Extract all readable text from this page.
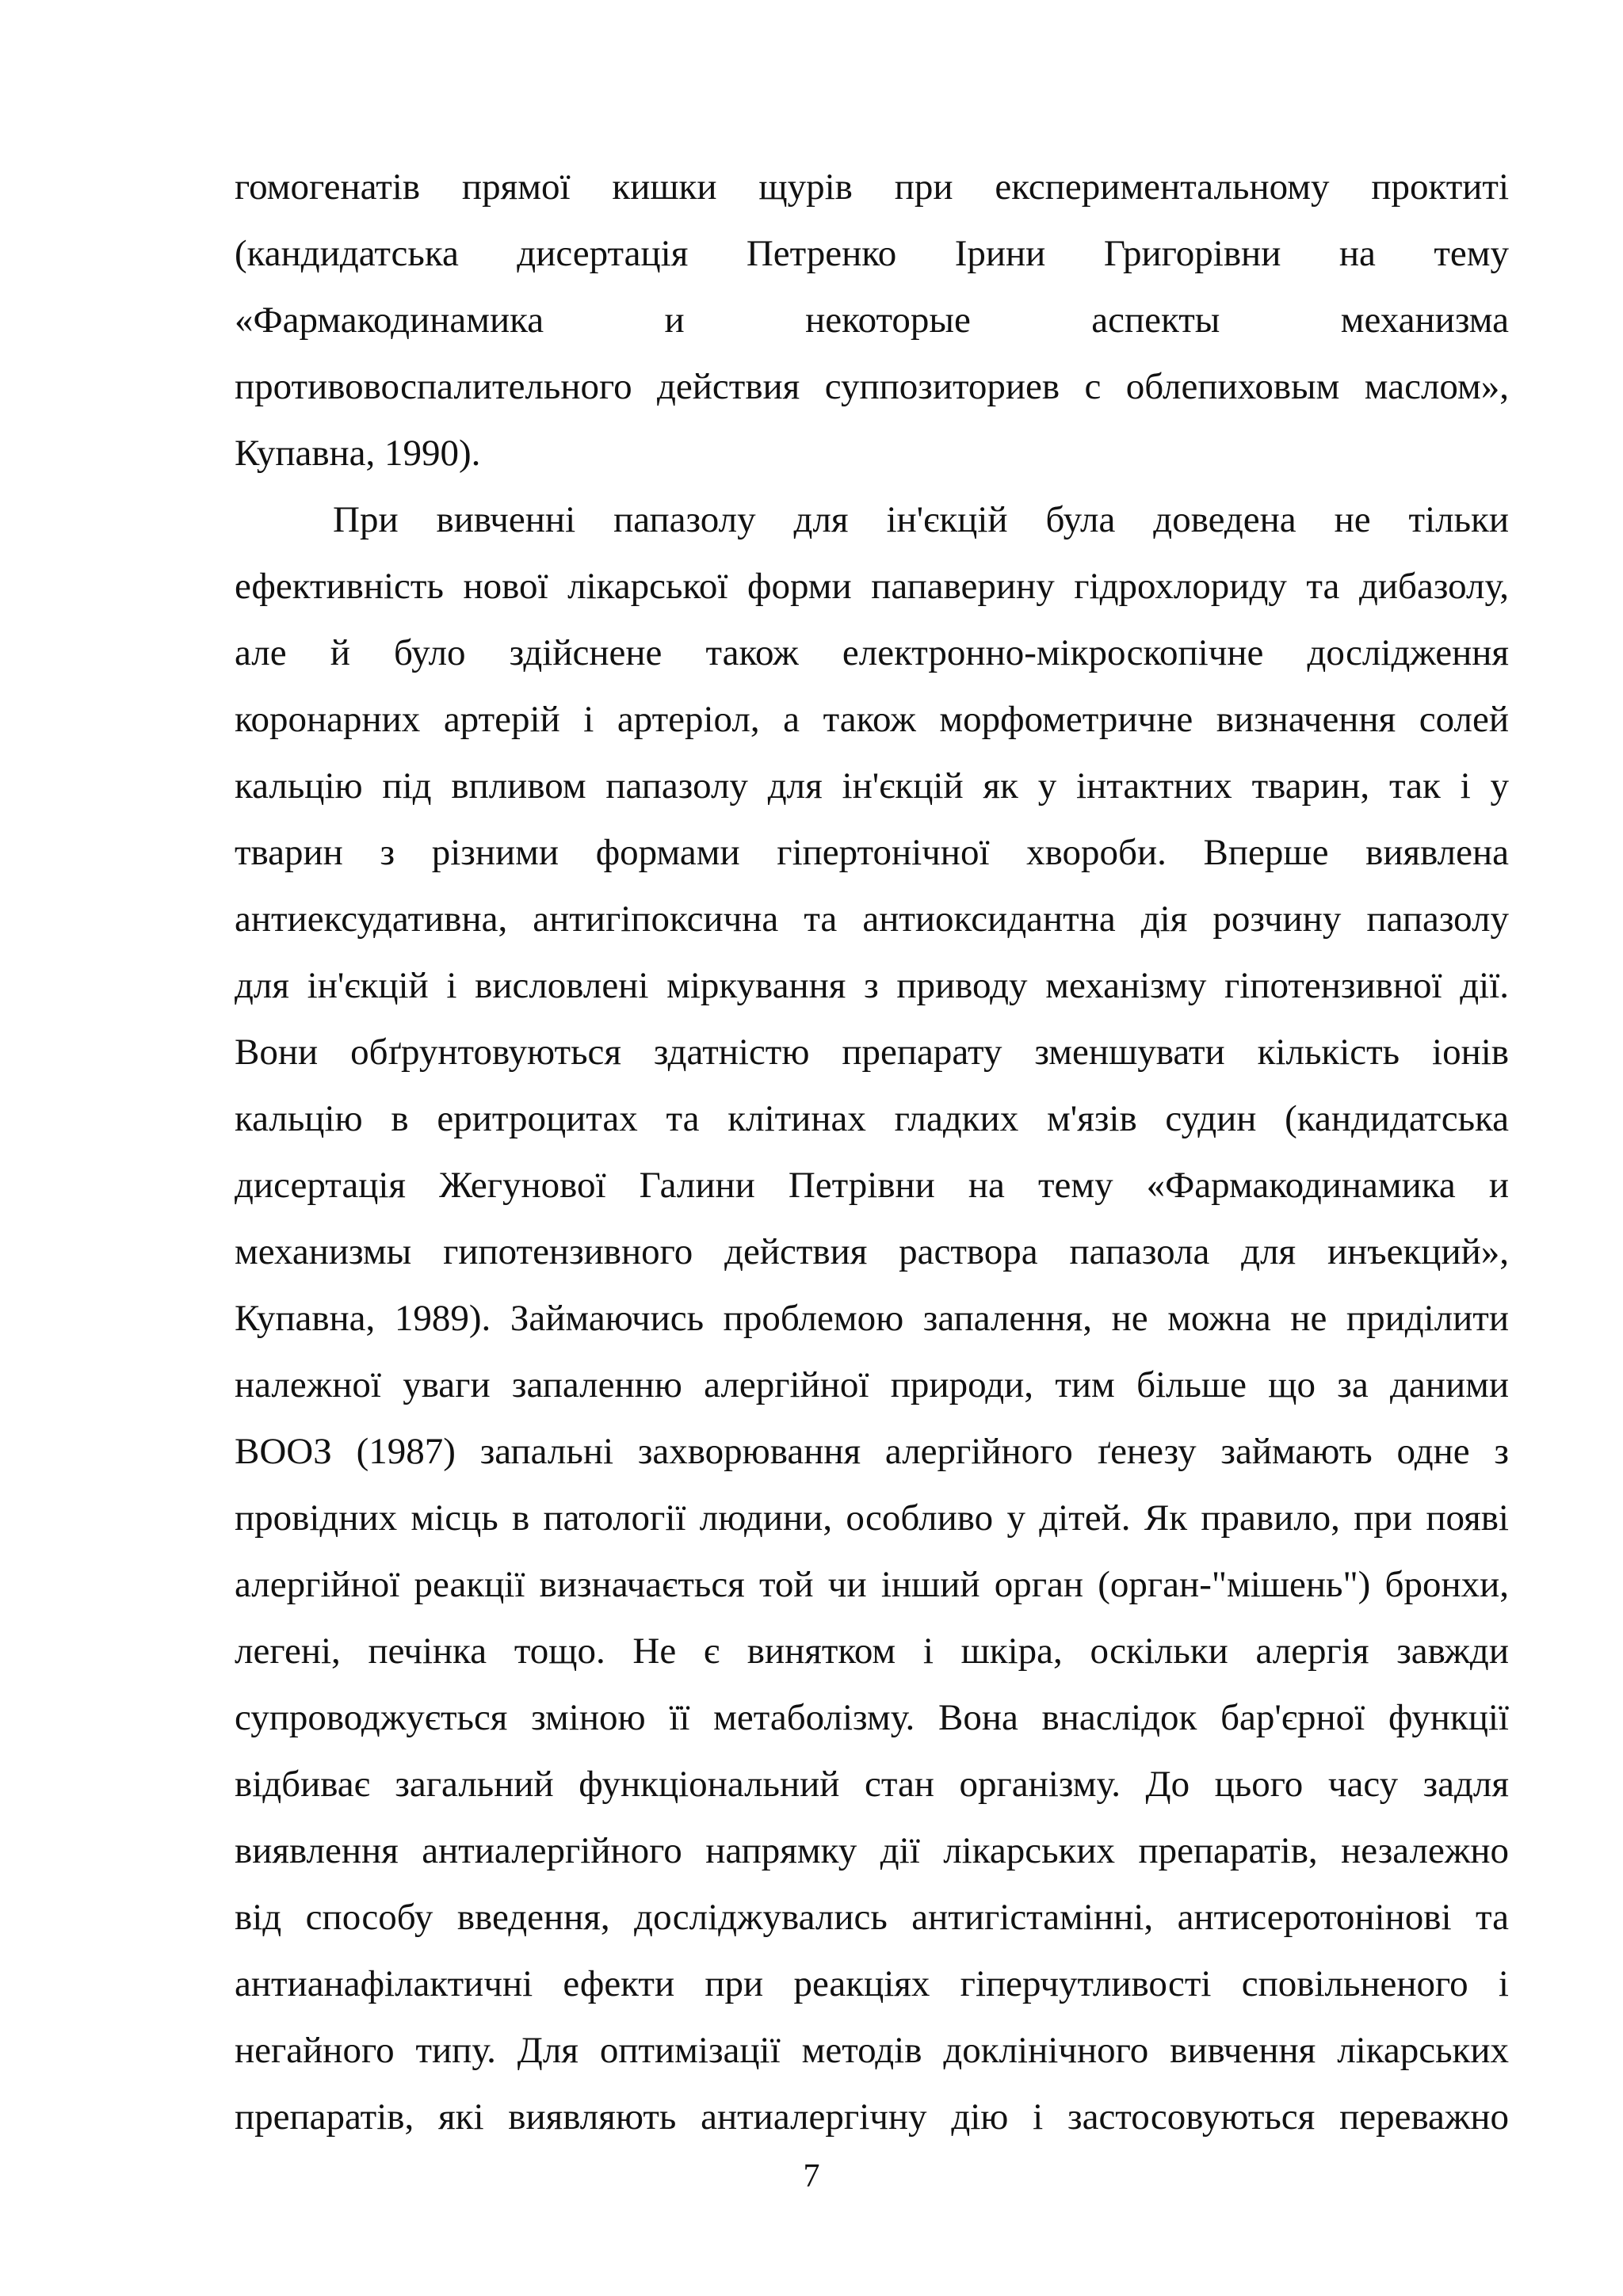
гомогенатів прямої кишки щурів при експериментальному проктиті
(кандидатська дисертація Петренко Ірини Григорівни на тему
«Фармакодинамика и некоторые аспекты механизма
противовоспалительного действия суппозиториев с облепиховым маслом»,
Купавна, 1990).
При вивченні папазолу для ін'єкцій була доведена не тільки
ефективність нової лікарської форми папаверину гідрохлориду та дибазолу,
але й було здійснене також електронно-мікроскопічне дослідження
коронарних артерій і артеріол, а також морфометричне визначення солей
кальцію під впливом папазолу для ін'єкцій як у інтактних тварин, так і у
тварин з різними формами гіпертонічної хвороби. Вперше виявлена
антиексудативна, антигіпоксична та антиоксидантна дія розчину папазолу
для ін'єкцій і висловлені міркування з приводу механізму гіпотензивної дії.
Вони обґрунтовуються здатністю препарату зменшувати кількість іонів
кальцію в еритроцитах та клітинах гладких м'язів судин (кандидатська
дисертація Жегунової Галини Петрівни на тему «Фармакодинамика и
механизмы гипотензивного действия раствора папазола для инъекций»,
Купавна, 1989). Займаючись проблемою запалення, не можна не приділити
належної уваги запаленню алергійної природи, тим більше що за даними
ВООЗ (1987) запальні захворювання алергійного ґенезу займають одне з
провідних місць в патології людини, особливо у дітей. Як правило, при появі
алергійної реакції визначається той чи інший орган (орган-"мішень") бронхи,
легені, печінка тощо. Не є винятком і шкіра, оскільки алергія завжди
супроводжується зміною її метаболізму. Вона внаслідок бар'єрної функції
відбиває загальний функціональний стан організму. До цього часу задля
виявлення антиалергійного напрямку дії лікарських препаратів, незалежно
від способу введення, досліджувались антигістамінні, антисеротонінові та
антианафілактичні ефекти при реакціях гіперчутливості сповільненого і
негайного типу. Для оптимізації методів доклінічного вивчення лікарських
препаратів, які виявляють антиалергічну дію і застосовуються переважно
7
